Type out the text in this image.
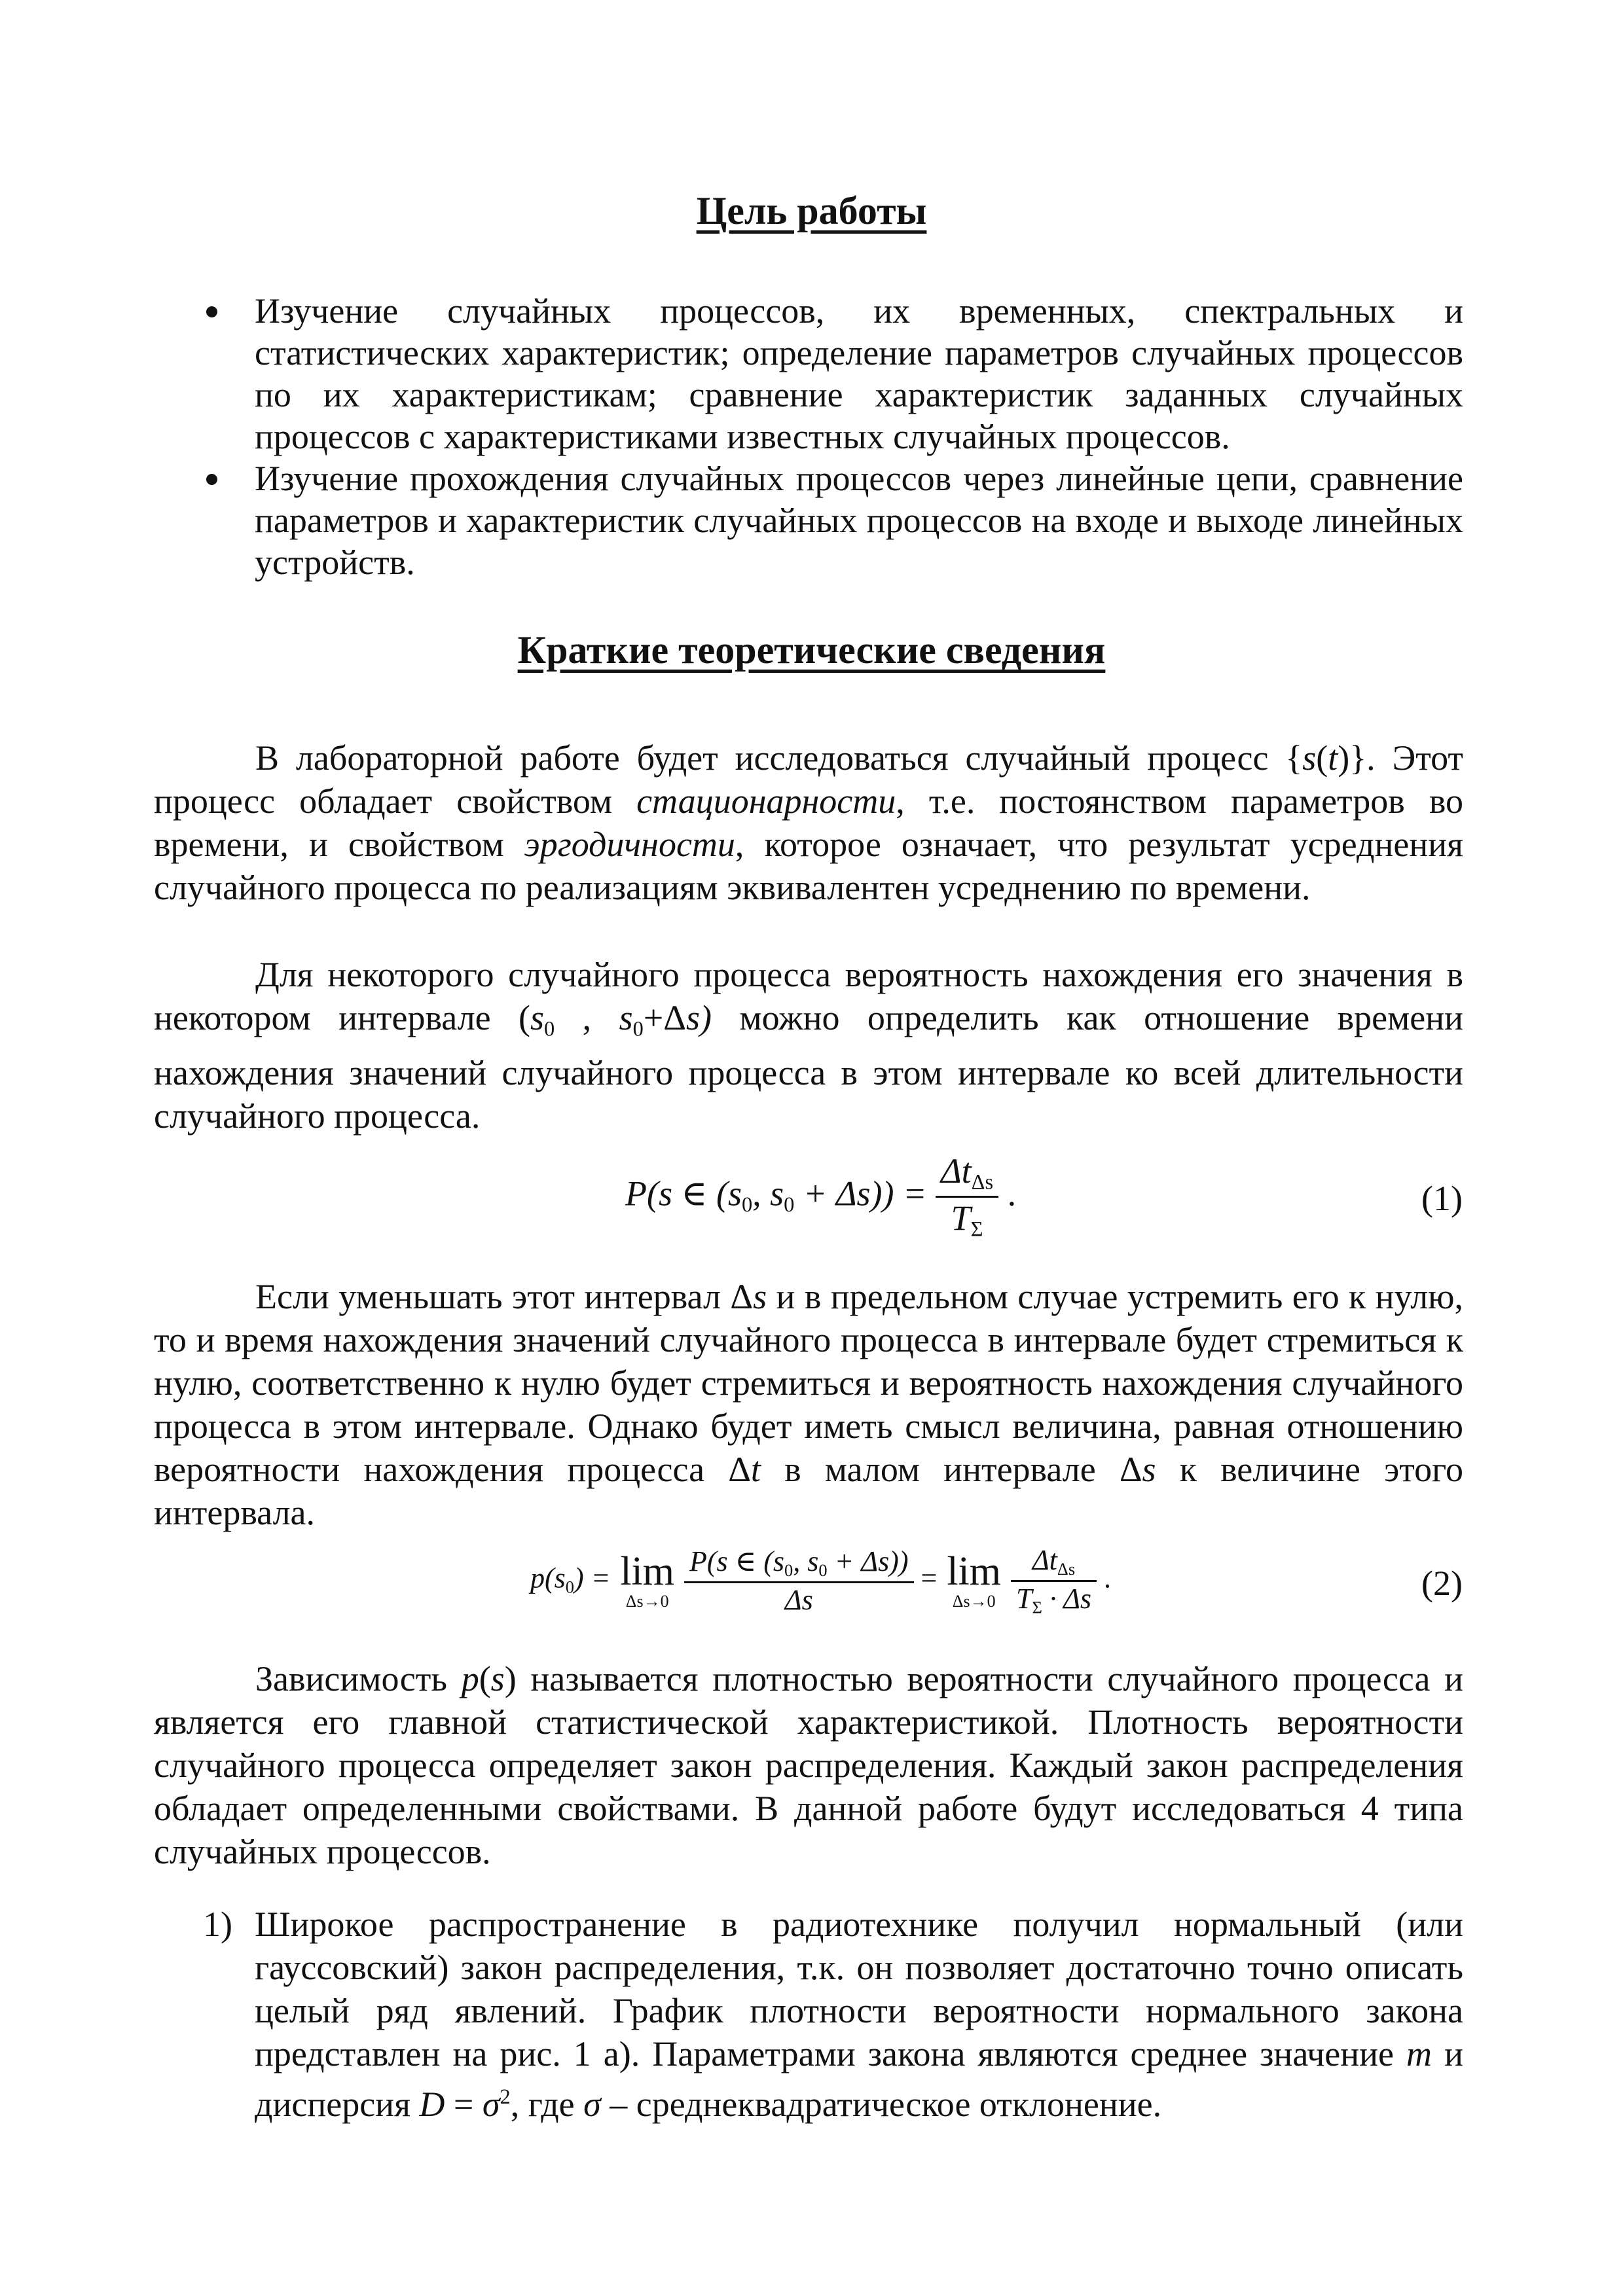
Цель работы
Изучение случайных процессов, их временных, спектральных и статистических характеристик; определение параметров случайных процессов по их характеристикам; сравнение характеристик заданных случайных процессов с характеристиками известных случайных процессов.
Изучение прохождения случайных процессов через линейные цепи, сравнение параметров и характеристик случайных процессов на входе и выходе линейных устройств.
Краткие теоретические сведения

В лабораторной работе будет исследоваться случайный процесс {s(t)}. Этот процесс обладает свойством стационарности, т.е. постоянством параметров во времени, и свойством эргодичности, которое означает, что результат усреднения случайного процесса по реализациям эквивалентен усреднению по времени.

Для некоторого случайного процесса вероятность нахождения его значения в некотором интервале ($s_0$ , $s_0+\Delta s$) можно определить как отношение времени нахождения значений случайного процесса в этом интервале ко всей длительности случайного процесса.

P(s ∈ ($s_0$, $s_0 + \Delta s)) = \frac{\Delta t_{\Delta s}}{T_\Sigma}$ .	(1)

Если уменьшать этот интервал Δs и в предельном случае устремить его к нулю, то и время нахождения значений случайного процесса в интервале будет стремиться к нулю, соответственно к нулю будет стремиться и вероятность нахождения случайного процесса в этом интервале. Однако будет иметь смысл величина, равная отношению вероятности нахождения процесса Δt в малом интервале Δs к величине этого интервала.

$p(s_0) = \lim$
Δs→0
$\frac{P(s \in (s_0, s_0 + \Delta s))}{\Delta s} = \lim$
Δs→0
$\frac{\Delta t_{\Delta s}}{T_\Sigma \cdot \Delta s}$ .	(2)

Зависимость p(s) называется плотностью вероятности случайного процесса и является его главной статистической характеристикой. Плотность вероятности случайного процесса определяет закон распределения. Каждый закон распределения обладает определенными свойствами. В данной работе будут исследоваться 4 типа случайных процессов.

1) Широкое распространение в радиотехнике получил нормальный (или гауссовский) закон распределения, т.к. он позволяет достаточно точно описать целый ряд явлений. График плотности вероятности нормального закона представлен на рис. 1 а). Параметрами закона являются среднее значение m и дисперсия $D = \sigma^2$, где σ – среднеквадратическое отклонение.
